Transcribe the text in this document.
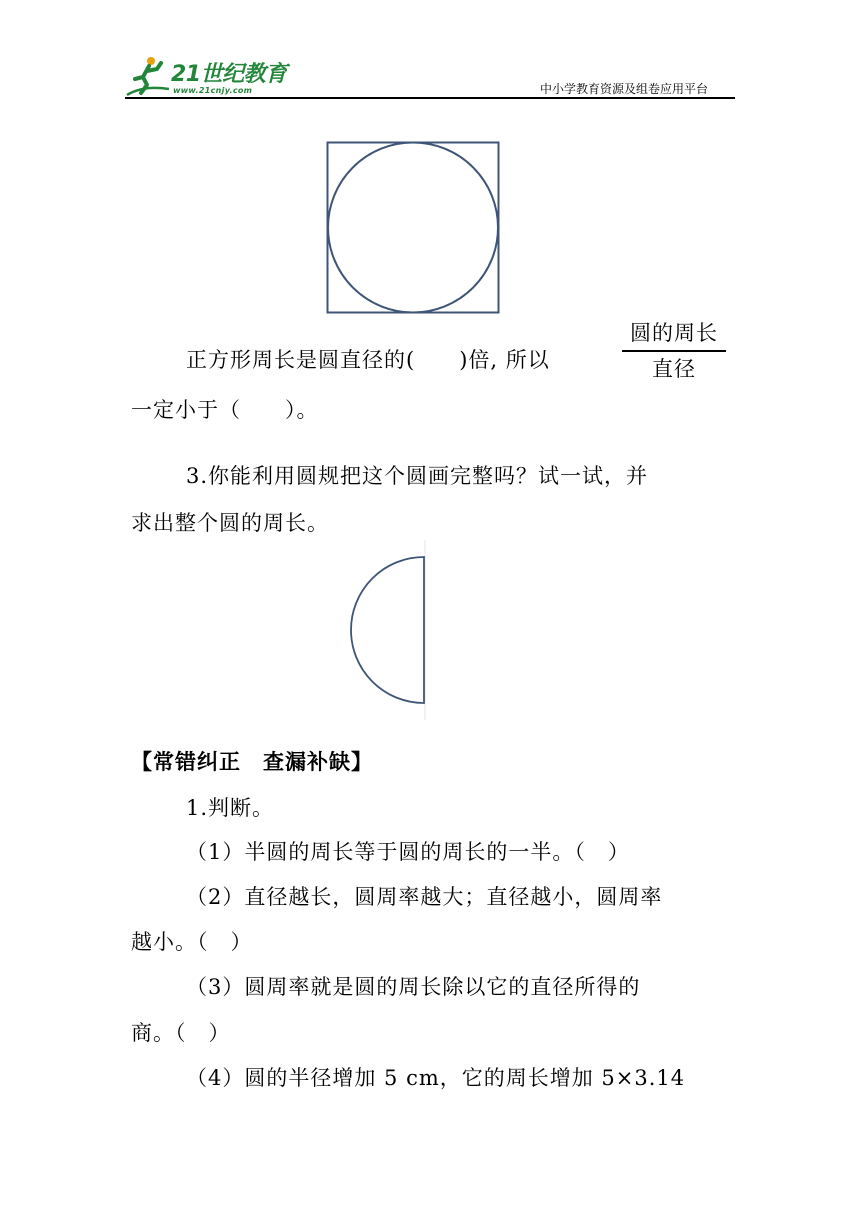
21世纪教育
www.21cnjy.com	中小学教育资源及组卷应用平台
正方形周长是圆直径的(　　)倍, 所以
圆的周长
直径
一定小于（　　）。
3.你能利用圆规把这个圆画完整吗？试一试，并
求出整个圆的周长。
【常错纠正　查漏补缺】
1.判断。
（1）半圆的周长等于圆的周长的一半。（　）
（2）直径越长，圆周率越大；直径越小，圆周率
越小。（　）
（3）圆周率就是圆的周长除以它的直径所得的
商。（　）
（4）圆的半径增加 5 cm，它的周长增加 5×3.14
